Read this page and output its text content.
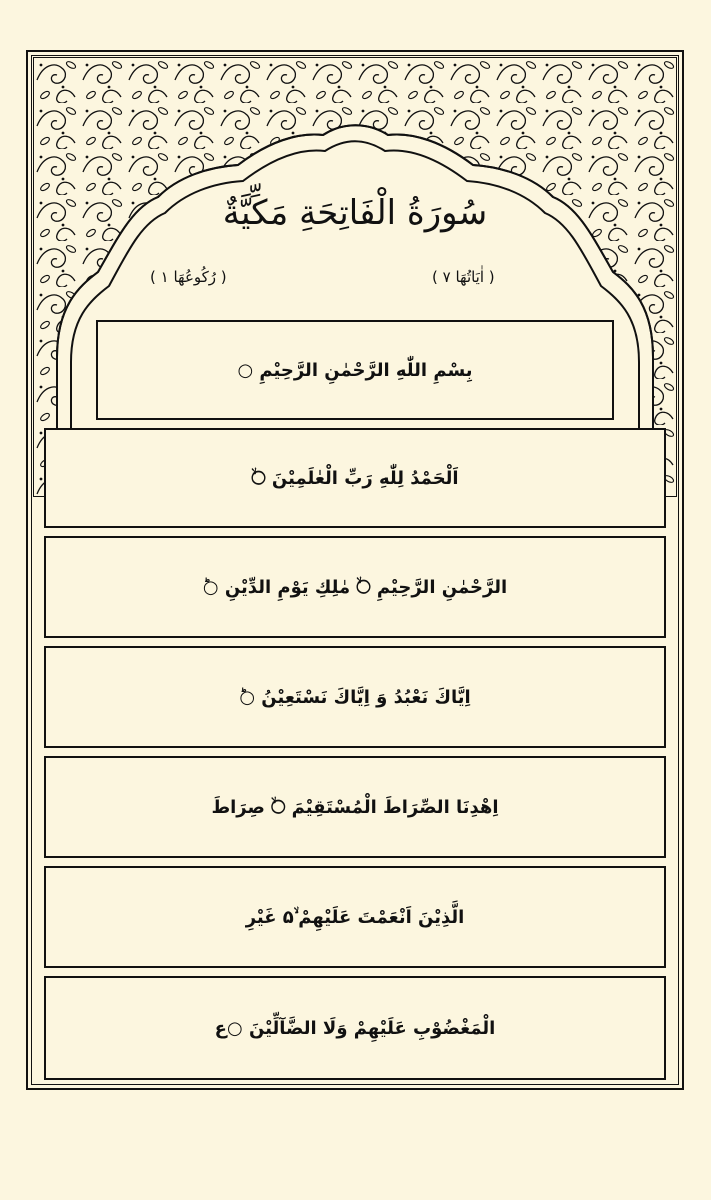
سُورَةُ الْفَاتِحَةِ مَكِّيَّةٌ
( اٰيَاتُهَا ٧ )
( رُكُوعُهَا ١ )
بِسْمِ اللّٰهِ الرَّحْمٰنِ الرَّحِيْمِ ○
اَلْحَمْدُ لِلّٰهِ رَبِّ الْعٰلَمِيْنَ ○ۙ
الرَّحْمٰنِ الرَّحِيْمِ ○ۙ مٰلِكِ يَوْمِ الدِّيْنِ ○ؕ
اِيَّاكَ نَعْبُدُ وَ اِيَّاكَ نَسْتَعِيْنُ ○ؕ
اِهْدِنَا الصِّرَاطَ الْمُسْتَقِيْمَ ○ۙ صِرَاطَ
الَّذِيْنَ اَنْعَمْتَ عَلَيْهِمْ ۙ۵ غَيْرِ
الْمَغْضُوْبِ عَلَيْهِمْ وَلَا الضَّآلِّيْنَ ○ع
